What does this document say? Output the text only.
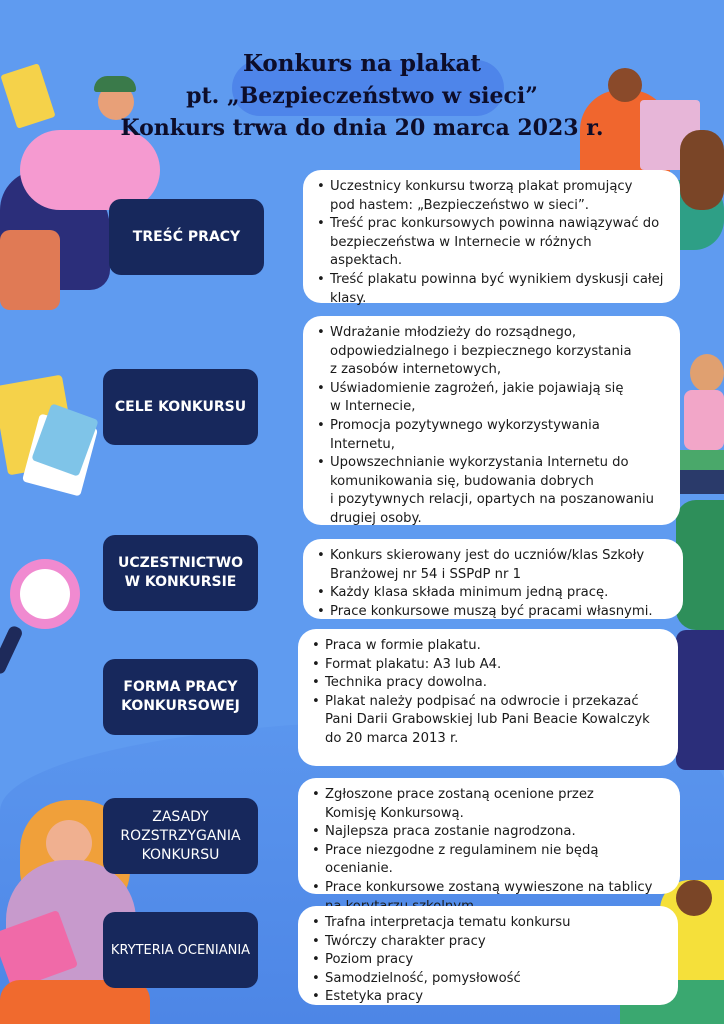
Konkurs na plakat
pt. „Bezpieczeństwo w sieci”
Konkurs trwa do dnia 20 marca 2023 r.
TREŚĆ PRACY
• Uczestnicy konkursu tworzą plakat promujący
pod hastem: „Bezpieczeństwo w sieci”.
• Treść prac konkursowych powinna nawiązywać do
bezpieczeństwa w Internecie w różnych aspektach.
• Treść plakatu powinna być wynikiem dyskusji całej
klasy.
CELE KONKURSU
• Wdrażanie młodzieży do rozsądnego,
odpowiedzialnego i bezpiecznego korzystania
z zasobów internetowych,
• Uświadomienie zagrożeń, jakie pojawiają się
w Internecie,
• Promocja pozytywnego wykorzystywania Internetu,
• Upowszechnianie wykorzystania Internetu do
komunikowania się, budowania dobrych
i pozytywnych relacji, opartych na poszanowaniu
drugiej osoby.
UCZESTNICTWO
W KONKURSIE
• Konkurs skierowany jest do uczniów/klas Szkoły
Branżowej nr 54 i SSPdP nr 1
• Każdy klasa składa minimum jedną pracę.
• Prace konkursowe muszą być pracami własnymi.
FORMA PRACY
KONKURSOWEJ
• Praca w formie plakatu.
• Format plakatu: A3 lub A4.
• Technika pracy dowolna.
• Plakat należy podpisać na odwrocie i przekazać
Pani Darii Grabowskiej lub Pani Beacie Kowalczyk
do 20 marca 2013 r.
ZASADY
ROZSTRZYGANIA
KONKURSU
• Zgłoszone prace zostaną ocenione przez
Komisję Konkursową.
• Najlepsza praca zostanie nagrodzona.
• Prace niezgodne z regulaminem nie będą ocenianie.
• Prace konkursowe zostaną wywieszone na tablicy

KRYTERIA OCENIANIA
• Trafna interpretacja tematu konkursu
• Twórczy charakter pracy
• Poziom pracy
• Samodzielność, pomysłowość
• Estetyka pracy
